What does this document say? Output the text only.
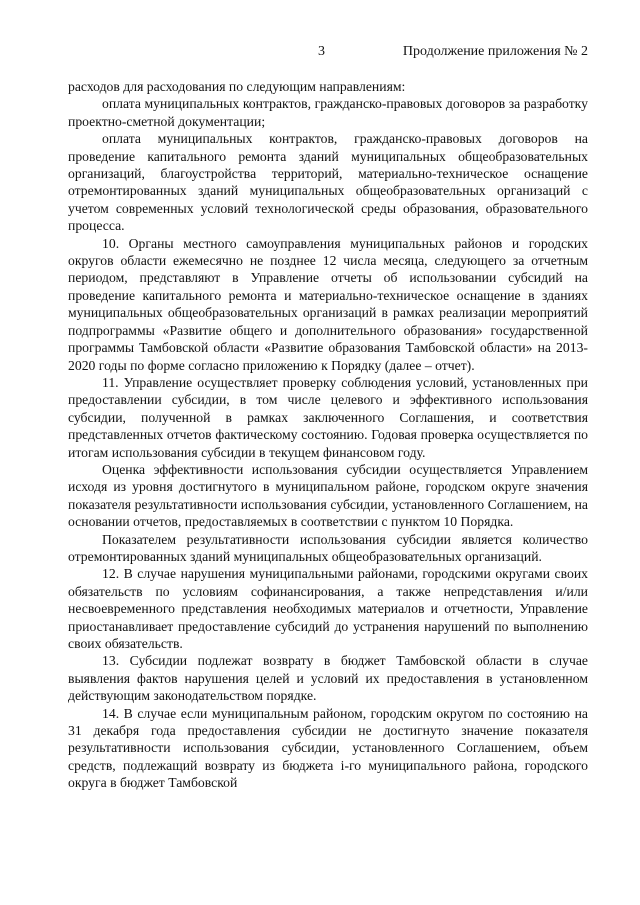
3	Продолжение приложения № 2

расходов для расходования по следующим направлениям:

оплата муниципальных контрактов, гражданско-правовых договоров за разработку проектно-сметной документации;

оплата муниципальных контрактов, гражданско-правовых договоров на проведение капитального ремонта зданий муниципальных общеобразовательных организаций, благоустройства территорий, материально-техническое оснащение отремонтированных зданий муниципальных общеобразовательных организаций с учетом современных условий технологической среды образования, образовательного процесса.

10. Органы местного самоуправления муниципальных районов и городских округов области ежемесячно не позднее 12 числа месяца, следующего за отчетным периодом, представляют в Управление отчеты об использовании субсидий на проведение капитального ремонта и материально-техническое оснащение в зданиях муниципальных общеобразовательных организаций в рамках реализации мероприятий подпрограммы «Развитие общего и дополнительного образования» государственной программы Тамбовской области «Развитие образования Тамбовской области» на 2013-2020 годы по форме согласно приложению к Порядку (далее – отчет).

11. Управление осуществляет проверку соблюдения условий, установленных при предоставлении субсидии, в том числе целевого и эффективного использования субсидии, полученной в рамках заключенного Соглашения, и соответствия представленных отчетов фактическому состоянию. Годовая проверка осуществляется по итогам использования субсидии в текущем финансовом году.

Оценка эффективности использования субсидии осуществляется Управлением исходя из уровня достигнутого в муниципальном районе, городском округе значения показателя результативности использования субсидии, установленного Соглашением, на основании отчетов, предоставляемых в соответствии с пунктом 10 Порядка.

Показателем результативности использования субсидии является количество отремонтированных зданий муниципальных общеобразовательных организаций.

12. В случае нарушения муниципальными районами, городскими округами своих обязательств по условиям софинансирования, а также непредставления и/или несвоевременного представления необходимых материалов и отчетности, Управление приостанавливает предоставление субсидий до устранения нарушений по выполнению своих обязательств.

13. Субсидии подлежат возврату в бюджет Тамбовской области в случае выявления фактов нарушения целей и условий их предоставления в установленном действующим законодательством порядке.

14. В случае если муниципальным районом, городским округом по состоянию на 31 декабря года предоставления субсидии не достигнуто значение показателя результативности использования субсидии, установленного Соглашением, объем средств, подлежащий возврату из бюджета i-го муниципального района, городского округа в бюджет Тамбовской
